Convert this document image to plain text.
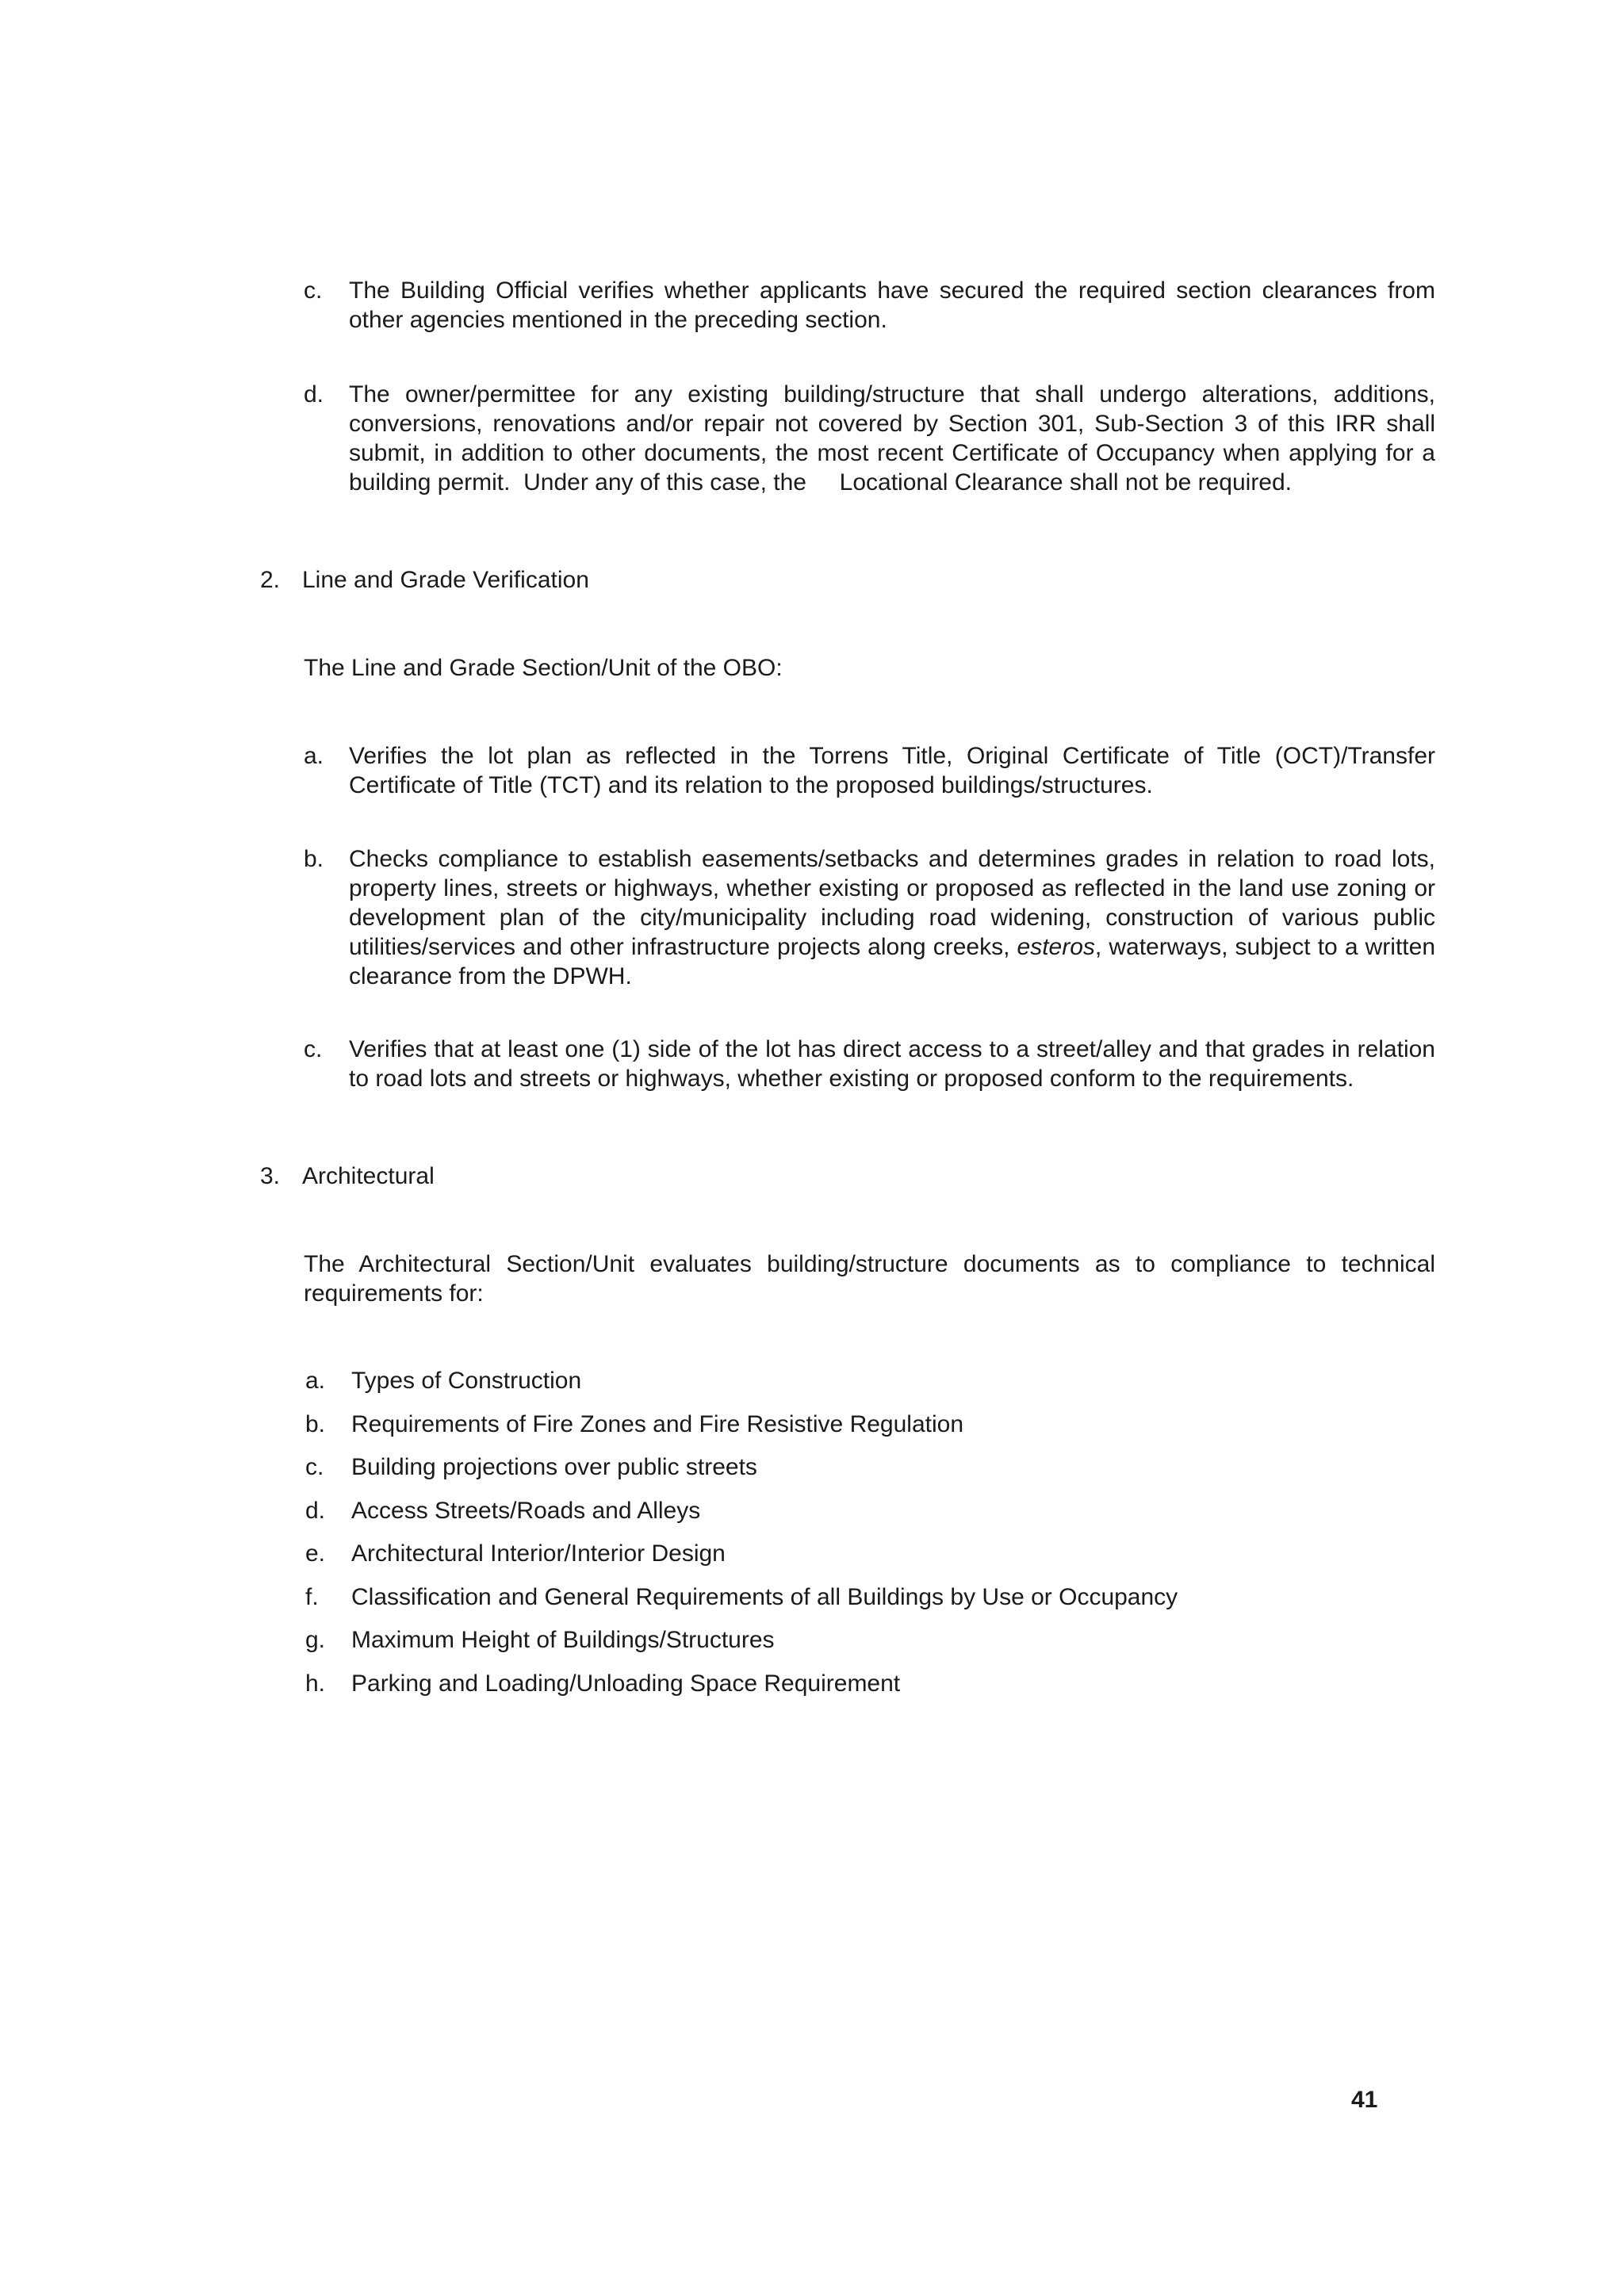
c.	The Building Official verifies whether applicants have secured the required section clearances from other agencies mentioned in the preceding section.
d.	The owner/permittee for any existing building/structure that shall undergo alterations, additions, conversions, renovations and/or repair not covered by Section 301, Sub-Section 3 of this IRR shall submit, in addition to other documents, the most recent Certificate of Occupancy when applying for a building permit.  Under any of this case, the     Locational Clearance shall not be required.
2. Line and Grade Verification
The Line and Grade Section/Unit of the OBO:
a.	Verifies the lot plan as reflected in the Torrens Title, Original Certificate of Title (OCT)/Transfer Certificate of Title (TCT) and its relation to the proposed buildings/structures.
b.	Checks compliance to establish easements/setbacks and determines grades in relation to road lots, property lines, streets or highways, whether existing or proposed as reflected in the land use zoning or development plan of the city/municipality including road widening, construction of various public utilities/services and other infrastructure projects along creeks, esteros, waterways, subject to a written clearance from the DPWH.
c.	Verifies that at least one (1) side of the lot has direct access to a street/alley and that grades in relation to road lots and streets or highways, whether existing or proposed conform to the requirements.
3. Architectural
The Architectural Section/Unit evaluates building/structure documents as to compliance to technical requirements for:
a. Types of Construction
b. Requirements of Fire Zones and Fire Resistive Regulation
c. Building projections over public streets
d. Access Streets/Roads and Alleys
e. Architectural Interior/Interior Design
f. Classification and General Requirements of all Buildings by Use or Occupancy
g. Maximum Height of Buildings/Structures
h. Parking and Loading/Unloading Space Requirement
41
